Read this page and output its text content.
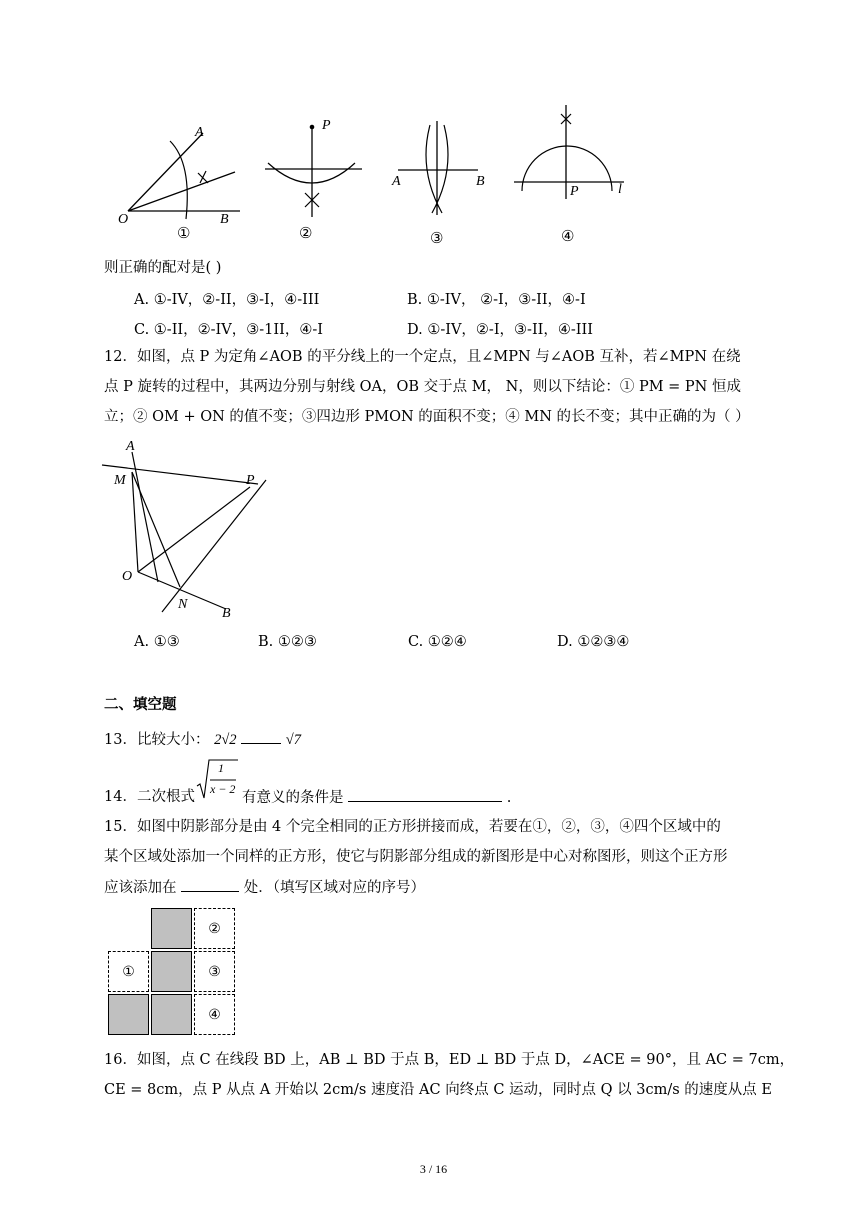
A
O	B
①
P
②
A	B
③
P	l
④
则正确的配对是( )
A. ①-IV，②-II，③-I，④-III	B. ①-IV， ②-I，③-II，④-I
C. ①-II，②-IV，③-1II，④-I	D. ①-IV，②-I，③-II，④-III
12．如图，点 P 为定角∠AOB 的平分线上的一个定点，且∠MPN 与∠AOB 互补，若∠MPN 在绕
点 P 旋转的过程中，其两边分别与射线 OA，OB 交于点 M， N，则以下结论：① PM = PN 恒成
立；② OM + ON 的值不变；③四边形 PMON 的面积不变；④ MN 的长不变；其中正确的为（ ）
A
M	P
O
N
B
A. ①③	B. ①②③	C. ①②④	D. ①②③④
二、填空题
13．比较大小： 2√2	√7
14．二次根式
1
x − 2
有意义的条件是	.
15．如图中阴影部分是由 4 个完全相同的正方形拼接而成，若要在①，②，③，④四个区域中的
某个区域处添加一个同样的正方形，使它与阴影部分组成的新图形是中心对称图形，则这个正方形
应该添加在	处．（填写区域对应的序号）
②
①	③
④
16．如图，点 C 在线段 BD 上，AB ⊥ BD 于点 B，ED ⊥ BD 于点 D，∠ACE = 90°，且 AC = 7cm，
CE = 8cm，点 P 从点 A 开始以 2cm/s 速度沿 AC 向终点 C 运动，同时点 Q 以 3cm/s 的速度从点 E
3 / 16
